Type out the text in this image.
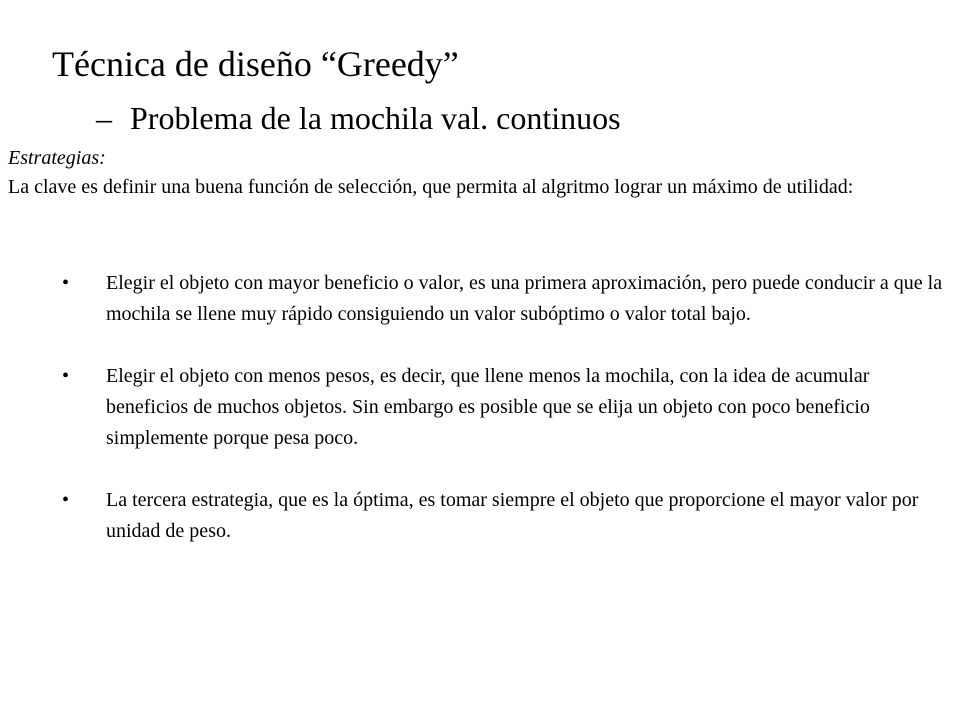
Técnica de diseño “Greedy”
– Problema de la mochila val. continuos

Estrategias:

La clave es definir una buena función de selección, que permita al algritmo lograr un máximo de utilidad:

• Elegir el objeto con mayor beneficio o valor, es una primera aproximación, pero puede conducir a que la mochila se llene muy rápido consiguiendo un valor subóptimo o valor total bajo.
• Elegir el objeto con menos pesos, es decir, que llene menos la mochila, con la idea de acumular beneficios de muchos objetos. Sin embargo es posible que se elija un objeto con poco beneficio simplemente porque pesa poco.
• La tercera estrategia, que es la óptima, es tomar siempre el objeto que proporcione el mayor valor por unidad de peso.
